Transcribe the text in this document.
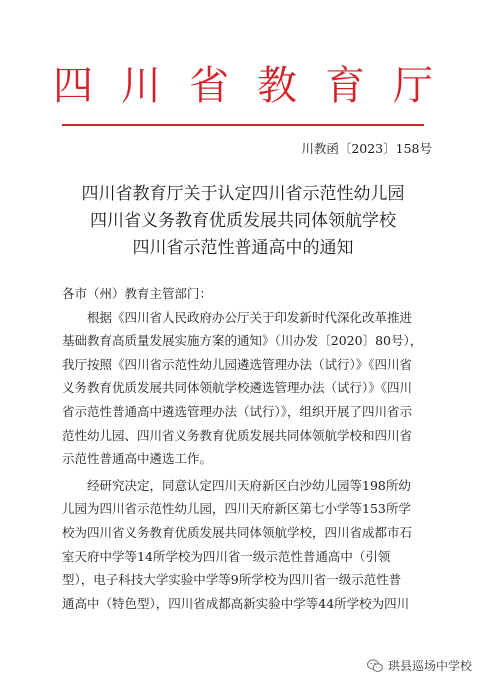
四川省教育厅
川教函〔2023〕158号
四川省教育厅关于认定四川省示范性幼儿园
四川省义务教育优质发展共同体领航学校
四川省示范性普通高中的通知
各市（州）教育主管部门：
根据《四川省人民政府办公厅关于印发新时代深化改革推进
基础教育高质量发展实施方案的通知》（川办发〔2020〕80号），
我厅按照《四川省示范性幼儿园遴选管理办法（试行）》《四川省
义务教育优质发展共同体领航学校遴选管理办法（试行）》《四川
省示范性普通高中遴选管理办法（试行）》，组织开展了四川省示
范性幼儿园、四川省义务教育优质发展共同体领航学校和四川省
示范性普通高中遴选工作。
经研究决定，同意认定四川天府新区白沙幼儿园等198所幼
儿园为四川省示范性幼儿园，四川天府新区第七小学等153所学
校为四川省义务教育优质发展共同体领航学校，四川省成都市石
室天府中学等14所学校为四川省一级示范性普通高中（引领
型），电子科技大学实验中学等9所学校为四川省一级示范性普
通高中（特色型），四川省成都高新实验中学等44所学校为四川
珙县巡场中学校
